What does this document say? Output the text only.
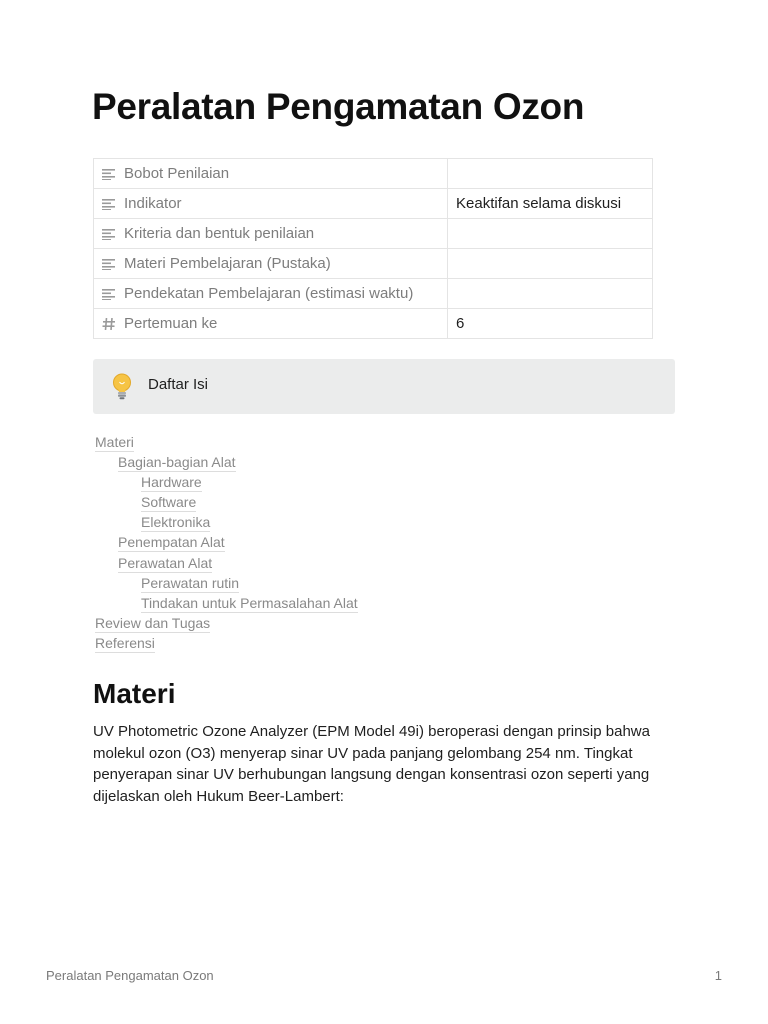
Peralatan Pengamatan Ozon
Bobot Penilaian	

Indikator	Keaktifan selama diskusi

Kriteria dan bentuk penilaian	

Materi Pembelajaran (Pustaka)	

Pendekatan Pembelajaran (estimasi waktu)	

Pertemuan ke	6
Daftar Isi
Materi
Bagian-bagian Alat
Hardware
Software
Elektronika
Penempatan Alat
Perawatan Alat
Perawatan rutin
Tindakan untuk Permasalahan Alat
Review dan Tugas
Referensi
Materi

UV Photometric Ozone Analyzer (EPM Model 49i) beroperasi dengan prinsip bahwa molekul ozon (O3) menyerap sinar UV pada panjang gelombang 254 nm. Tingkat penyerapan sinar UV berhubungan langsung dengan konsentrasi ozon seperti yang dijelaskan oleh Hukum Beer-Lambert:

Peralatan Pengamatan Ozon	1
